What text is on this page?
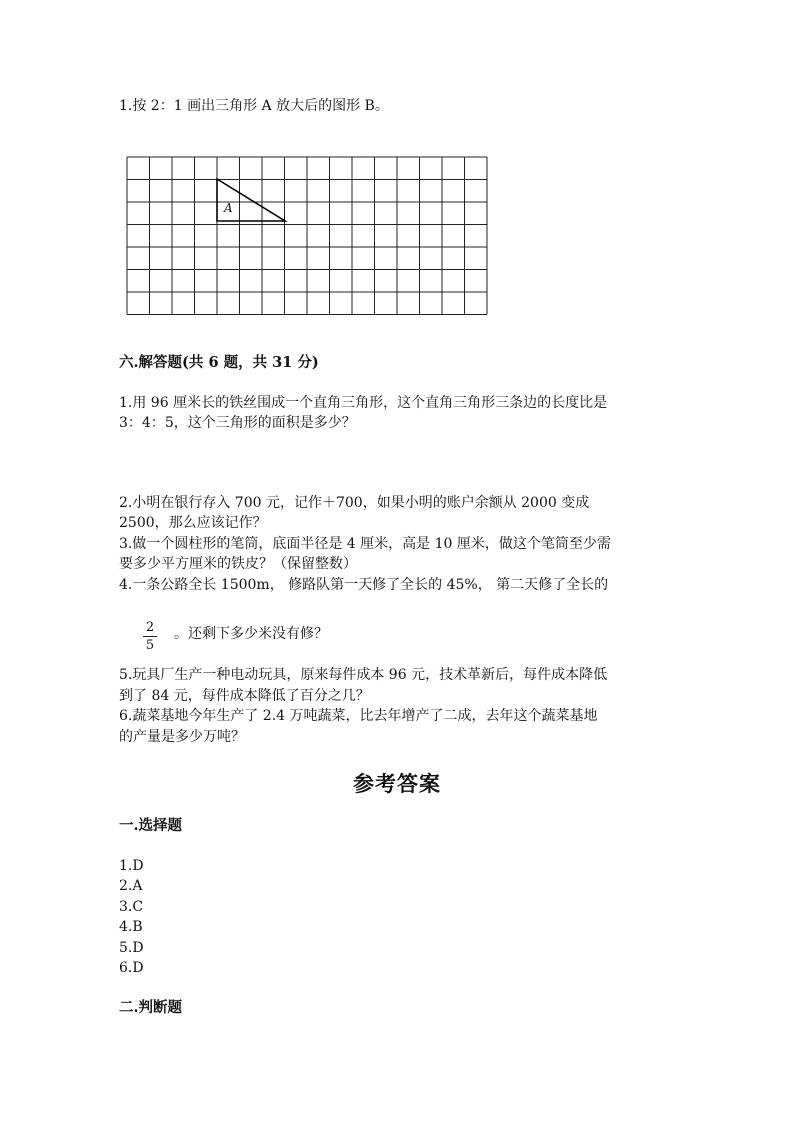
1.按 2：1 画出三角形 A 放大后的图形 B。
A
六.解答题(共 6 题，共 31 分)
1.用 96 厘米长的铁丝围成一个直角三角形，这个直角三角形三条边的长度比是
3：4：5，这个三角形的面积是多少？
2.小明在银行存入 700 元，记作＋700，如果小明的账户余额从 2000 变成
2500，那么应该记作？
3.做一个圆柱形的笔筒，底面半径是 4 厘米，高是 10 厘米，做这个笔筒至少需
要多少平方厘米的铁皮？（保留整数）
4.一条公路全长 1500m， 修路队第一天修了全长的 45%， 第二天修了全长的
2
5
。还剩下多少米没有修？
5.玩具厂生产一种电动玩具，原来每件成本 96 元，技术革新后，每件成本降低
到了 84 元，每件成本降低了百分之几？
6.蔬菜基地今年生产了 2.4 万吨蔬菜，比去年增产了二成，去年这个蔬菜基地
的产量是多少万吨？
参考答案
一.选择题
1.D
2.A
3.C
4.B
5.D
6.D
二.判断题
